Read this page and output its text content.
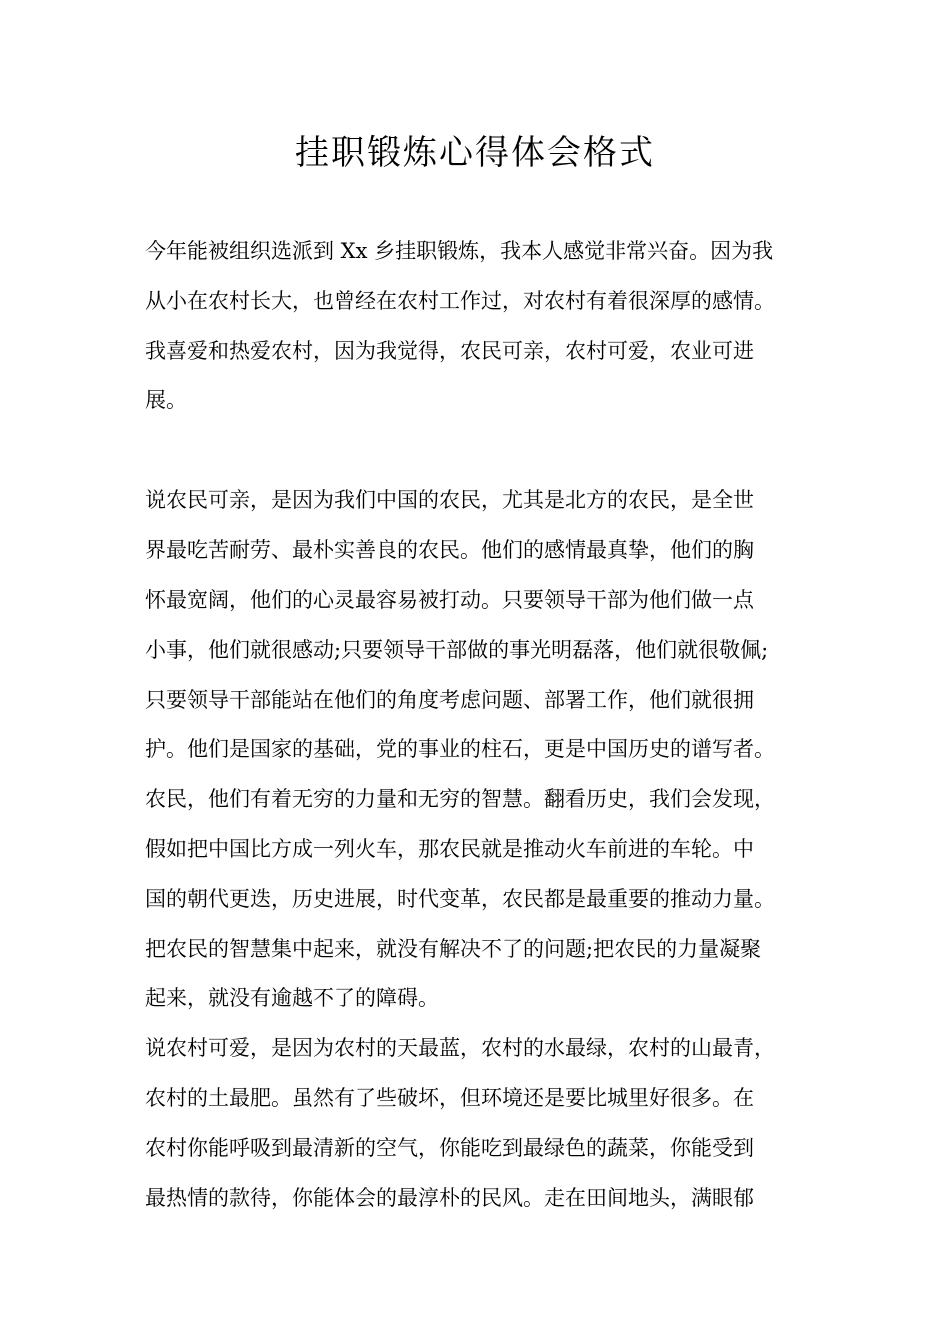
挂职锻炼心得体会格式
今年能被组织选派到 Xx 乡挂职锻炼，我本人感觉非常兴奋。因为我
从小在农村长大，也曾经在农村工作过，对农村有着很深厚的感情。
我喜爱和热爱农村，因为我觉得，农民可亲，农村可爱，农业可进
展。
说农民可亲，是因为我们中国的农民，尤其是北方的农民，是全世
界最吃苦耐劳、最朴实善良的农民。他们的感情最真挚，他们的胸
怀最宽阔，他们的心灵最容易被打动。只要领导干部为他们做一点
小事，他们就很感动;只要领导干部做的事光明磊落，他们就很敬佩;
只要领导干部能站在他们的角度考虑问题、部署工作，他们就很拥
护。他们是国家的基础，党的事业的柱石，更是中国历史的谱写者。
农民，他们有着无穷的力量和无穷的智慧。翻看历史，我们会发现，
假如把中国比方成一列火车，那农民就是推动火车前进的车轮。中
国的朝代更迭，历史进展，时代变革，农民都是最重要的推动力量。
把农民的智慧集中起来，就没有解决不了的问题;把农民的力量凝聚
起来，就没有逾越不了的障碍。
说农村可爱，是因为农村的天最蓝，农村的水最绿，农村的山最青，
农村的土最肥。虽然有了些破坏，但环境还是要比城里好很多。在
农村你能呼吸到最清新的空气，你能吃到最绿色的蔬菜，你能受到
最热情的款待，你能体会的最淳朴的民风。走在田间地头，满眼郁
